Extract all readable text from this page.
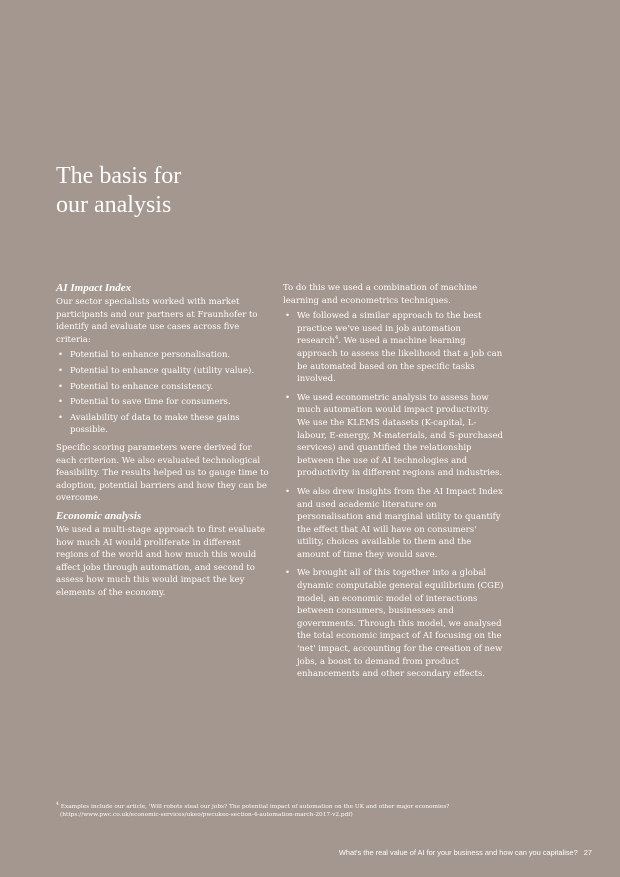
The basis for
our analysis
AI Impact Index

Our sector specialists worked with market participants and our partners at Fraunhofer to identify and evaluate use cases across five criteria:

• Potential to enhance personalisation.
• Potential to enhance quality (utility value).
• Potential to enhance consistency.
• Potential to save time for consumers.
• Availability of data to make these gains possible.

Specific scoring parameters were derived for each criterion. We also evaluated technological feasibility. The results helped us to gauge time to adoption, potential barriers and how they can be overcome.

Economic analysis

We used a multi-stage approach to first evaluate how much AI would proliferate in different regions of the world and how much this would affect jobs through automation, and second to assess how much this would impact the key elements of the economy.

To do this we used a combination of machine learning and econometrics techniques.

• We followed a similar approach to the best practice we've used in job automation research$^4$. We used a machine learning approach to assess the likelihood that a job can be automated based on the specific tasks involved.
• We used econometric analysis to assess how much automation would impact productivity. We use the KLEMS datasets (K-capital, L-labour, E-energy, M-materials, and S-purchased services) and quantified the relationship between the use of AI technologies and productivity in different regions and industries.
• We also drew insights from the AI Impact Index and used academic literature on personalisation and marginal utility to quantify the effect that AI will have on consumers' utility, choices available to them and the amount of time they would save.
• We brought all of this together into a global dynamic computable general equilibrium (CGE) model, an economic model of interactions between consumers, businesses and governments. Through this model, we analysed the total economic impact of AI focusing on the 'net' impact, accounting for the creation of new jobs, a boost to demand from product enhancements and other secondary effects.
$^4$ Examples include our article, 'Will robots steal our jobs? The potential impact of automation on the UK and other major economies?
(https://www.pwc.co.uk/economic-services/ukeo/pwcukeo-section-4-automation-march-2017-v2.pdf)
What's the real value of AI for your business and how can you capitalise? 27
